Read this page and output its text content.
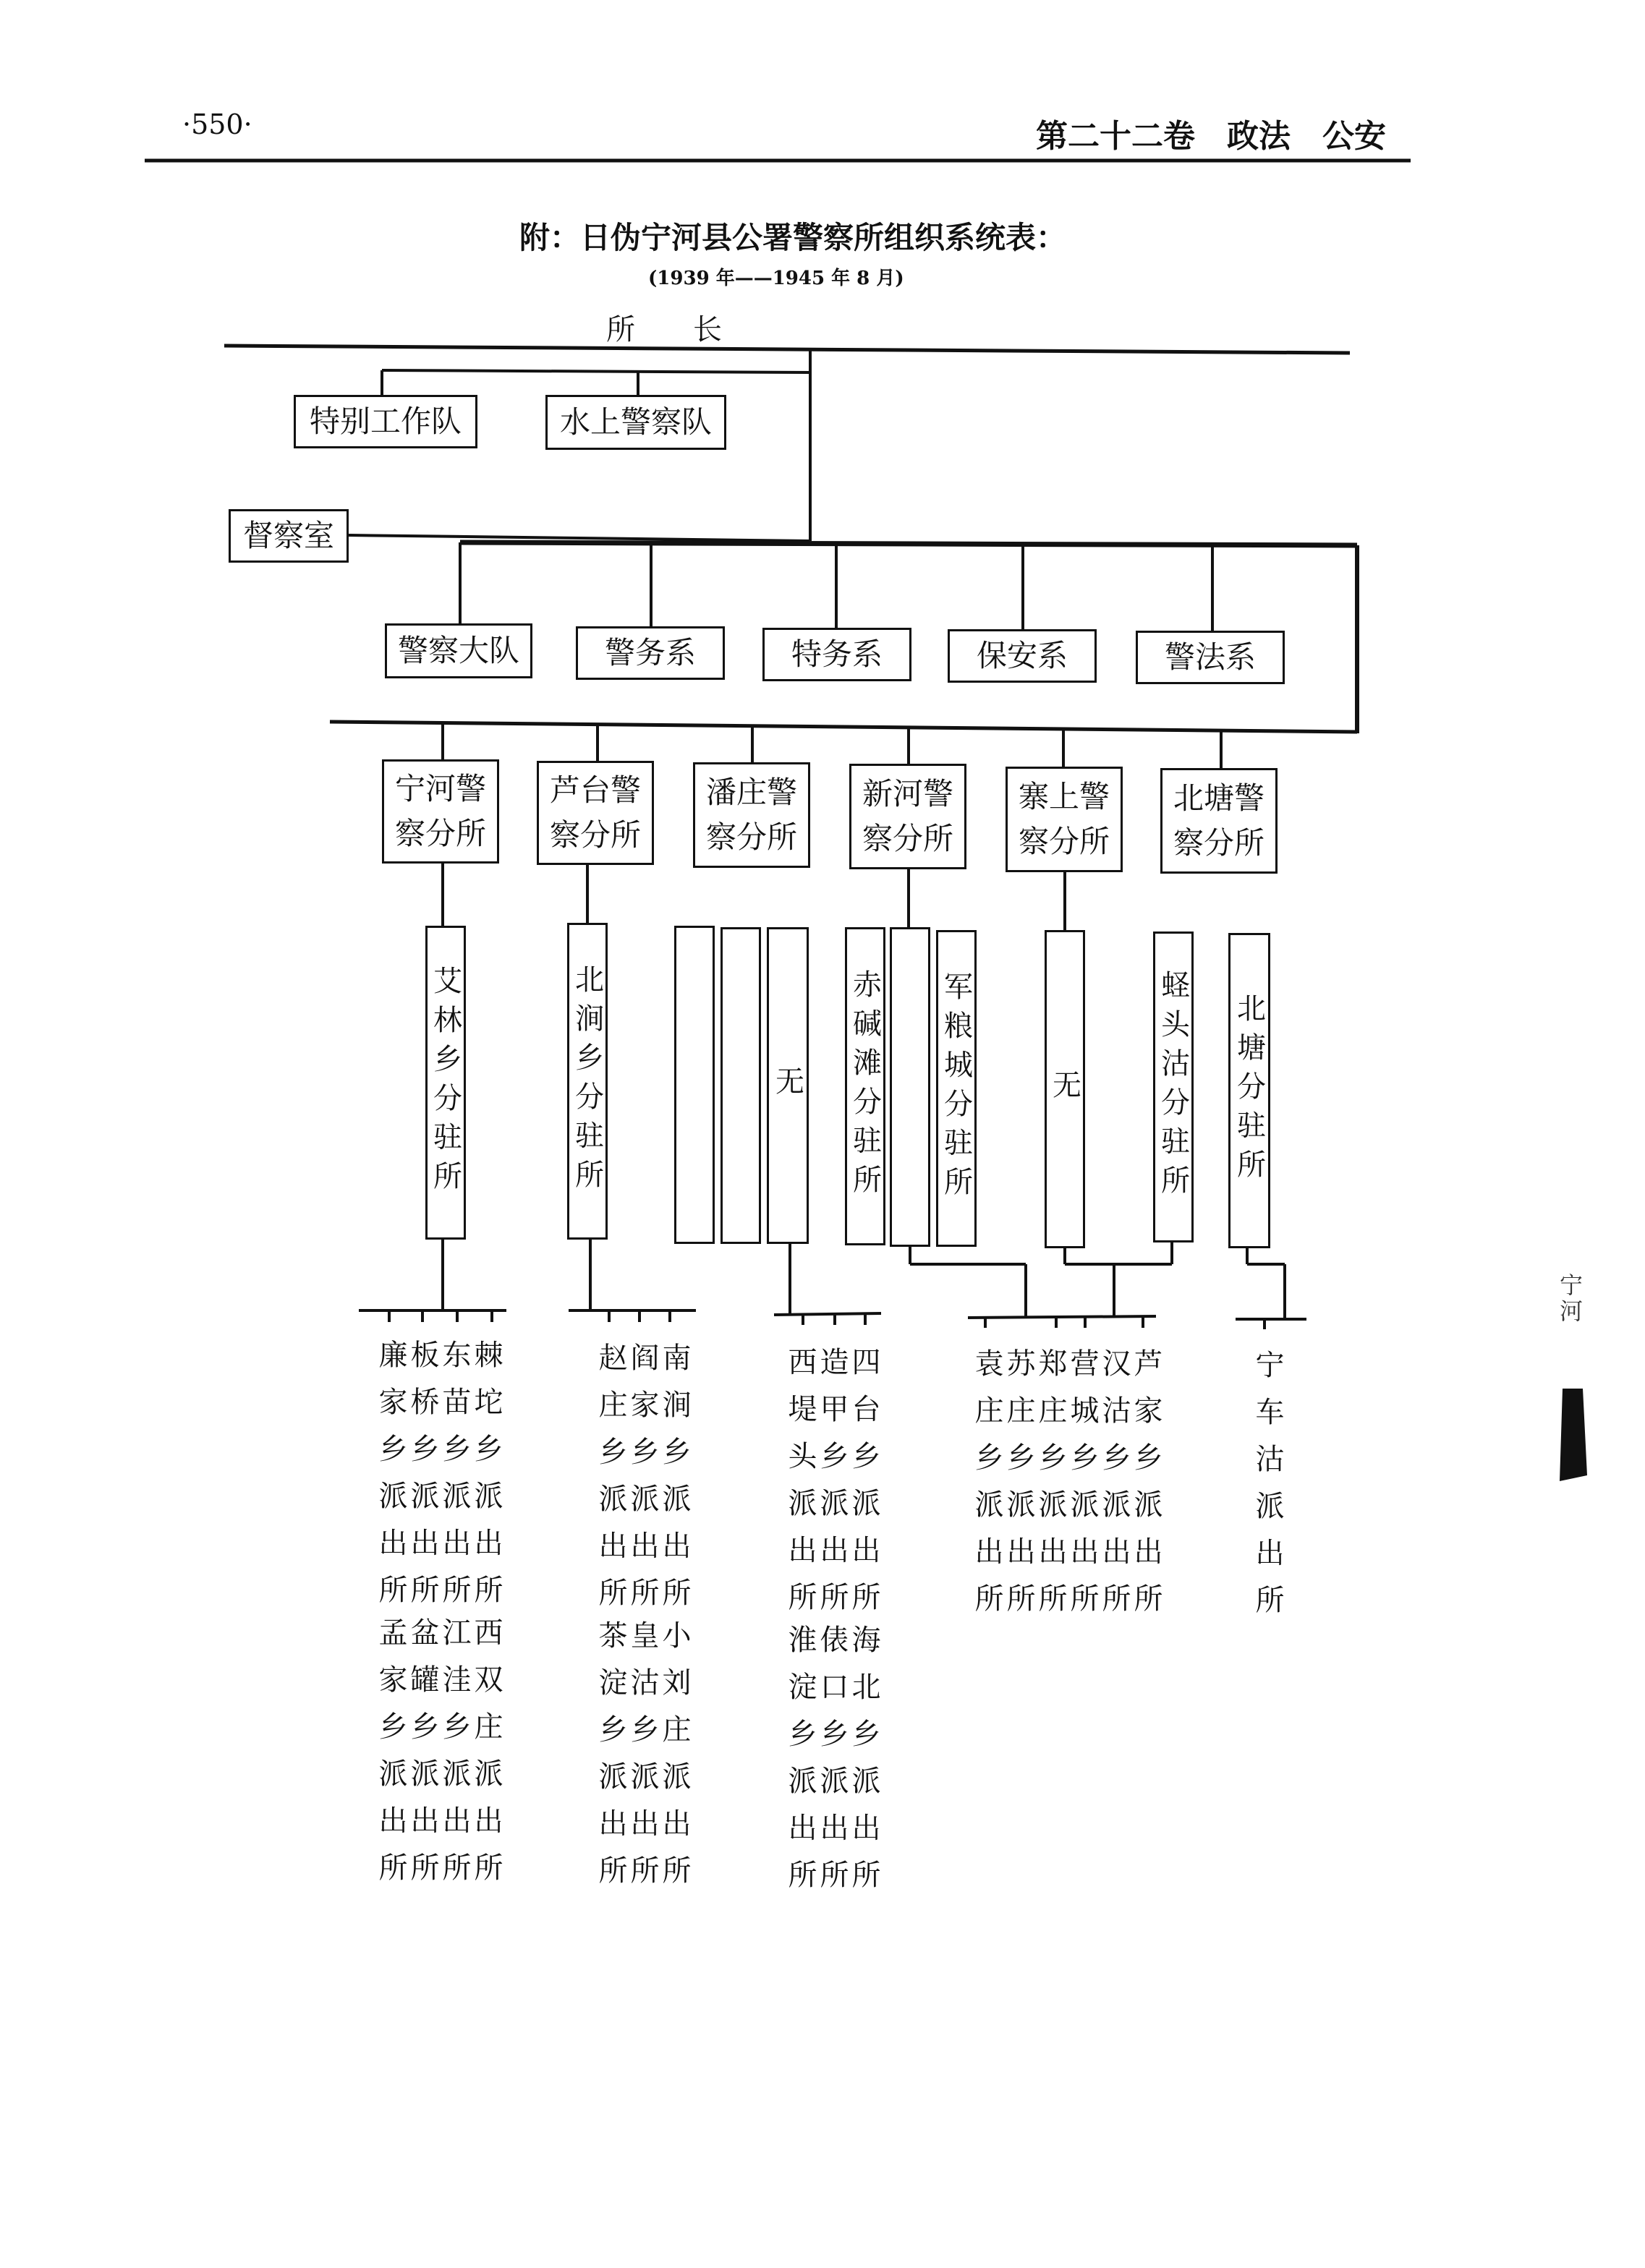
·550·	第二十二卷　政法　公安
附：日伪宁河县公署警察所组织系统表：
(1939 年——1945 年 8 月)
所　　长
特别工作队	水上警察队
督察室
警察大队	警务系	特务系	保安系	警法系
宁河警察分所
芦台警察分所
潘庄警察分所
新河警察分所
寨上警察分所
北塘警察分所
艾林乡分驻所	北涧乡分驻所	无 赤碱滩分驻所 军粮城分驻所	无	蛏头沽分驻所 北塘分驻所
廉家乡派出所
板桥乡派出所
东苗乡派出所
棘坨乡派出所
孟家乡派出所
盆罐乡派出所
江洼乡派出所
西双庄派出所
赵庄乡派出所
阎家乡派出所
南涧乡派出所
茶淀乡派出所
皇沽乡派出所
小刘庄派出所
西堤头派出所
造甲乡派出所
四台乡派出所
淮淀乡派出所
俵口乡派出所
海北乡派出所
袁庄乡派出所
苏庄乡派出所
郑庄乡派出所
营城乡派出所
汉沽乡派出所
芦家乡派出所	宁车沽派出所
宁河
